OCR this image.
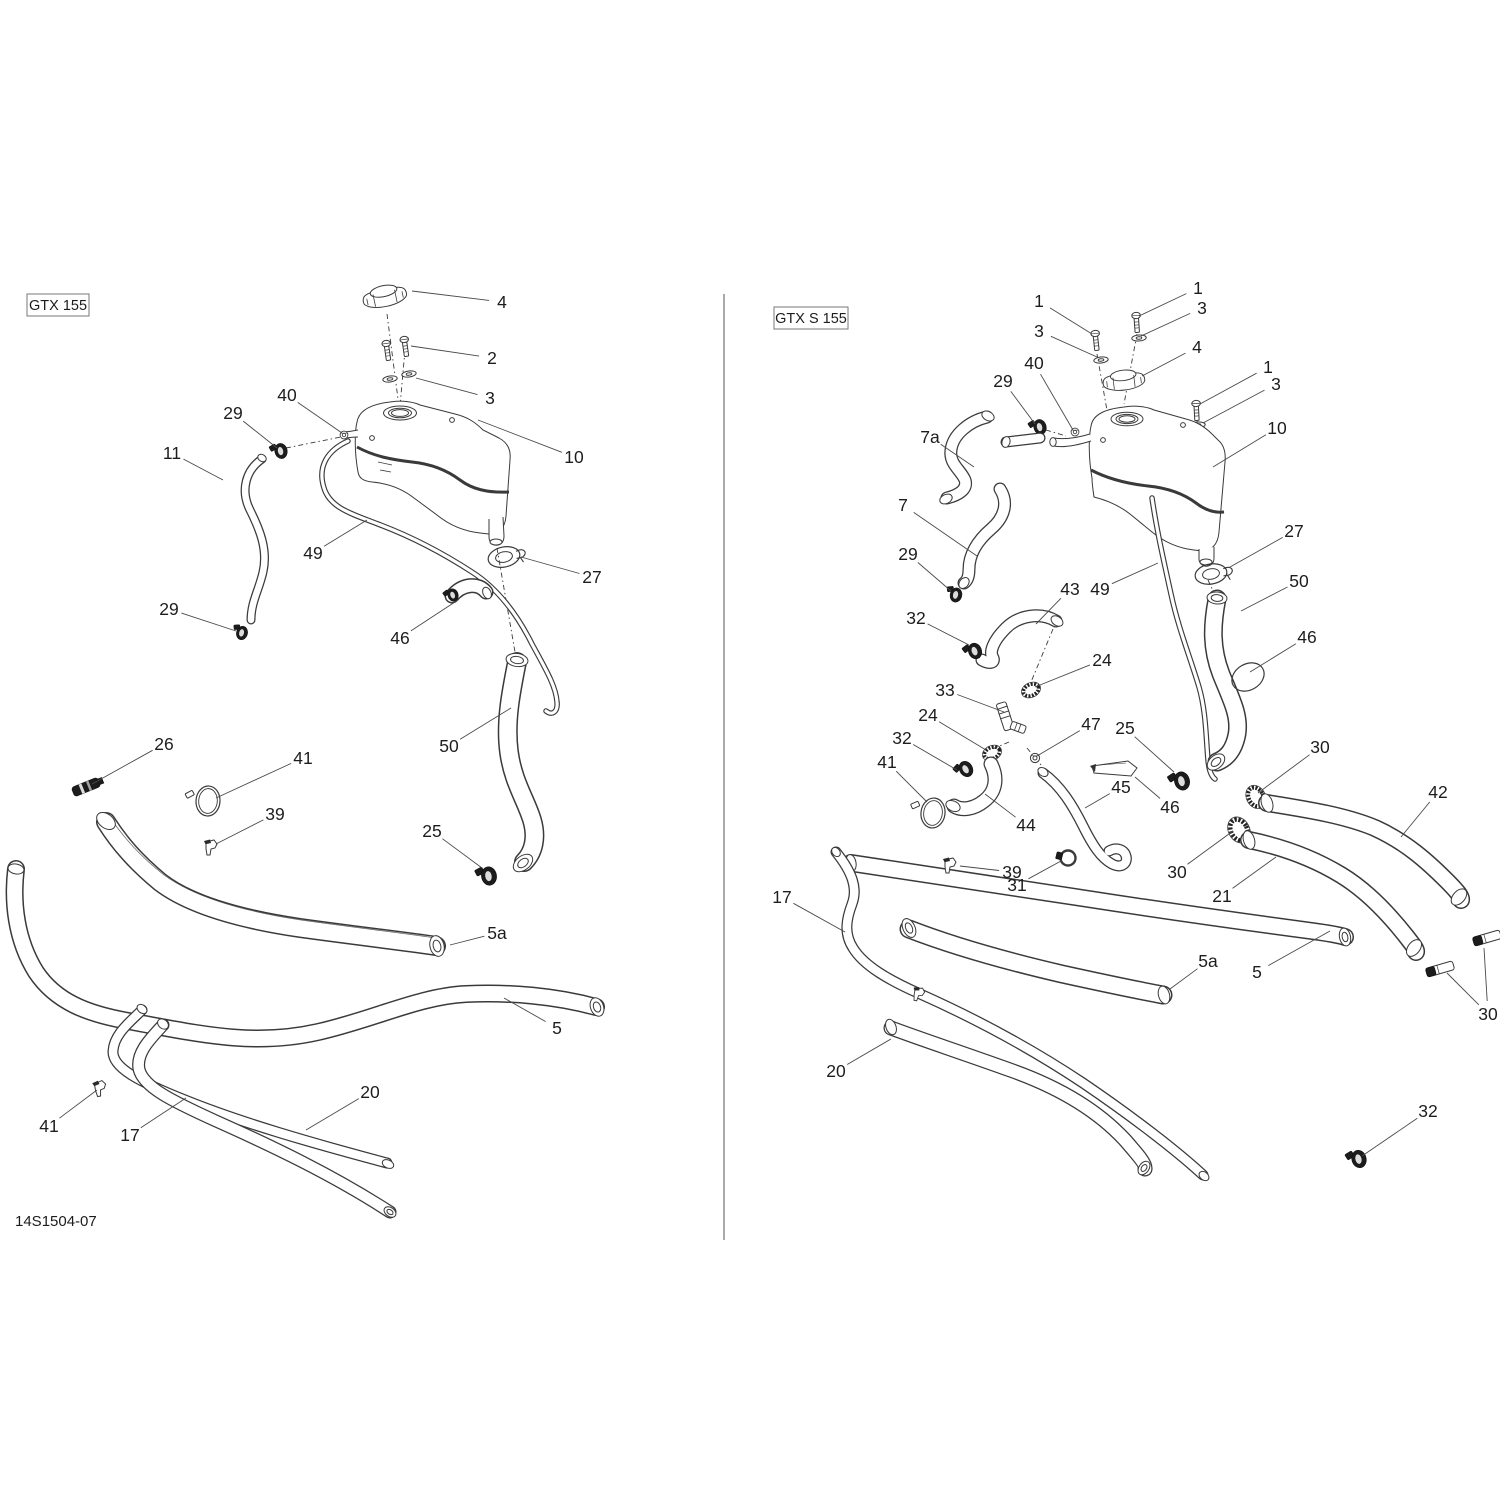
GTX 155
GTX S 155
14S1504-07
4
2
3
10
40
29
11
49
29
27
46
50
25
26
41
39
5a
5
20
17
41
1
3
1
3
4
1
3
10
40
29
7a
7
29
27
50
49
43
46
32
24
33
24	47 25
45
46
32
41
44
39
31
30
30
30
21
42
5a
5
17
20
32
